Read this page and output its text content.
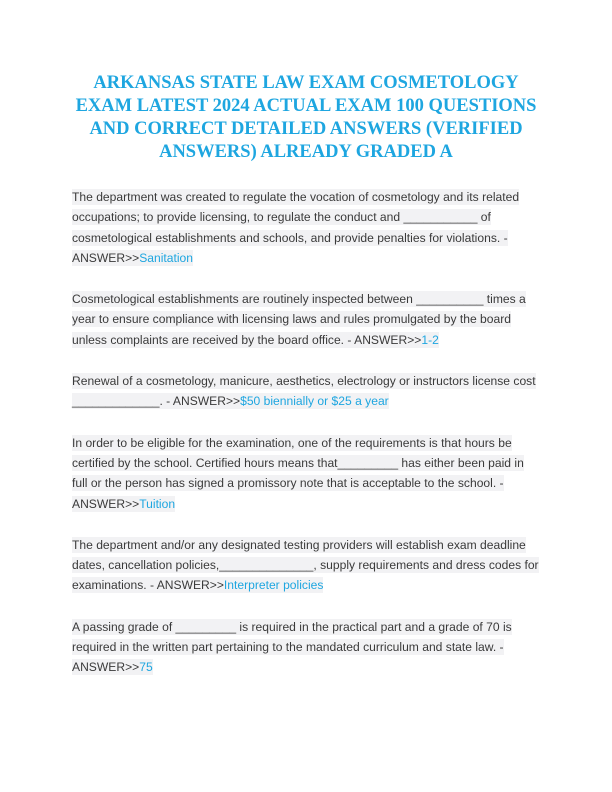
ARKANSAS STATE LAW EXAM COSMETOLOGY EXAM LATEST 2024 ACTUAL EXAM 100 QUESTIONS AND CORRECT DETAILED ANSWERS (VERIFIED ANSWERS) ALREADY GRADED A

The department was created to regulate the vocation of cosmetology and its related occupations; to provide licensing, to regulate the conduct and ___________ of cosmetological establishments and schools, and provide penalties for violations. - ANSWER>>Sanitation

Cosmetological establishments are routinely inspected between __________ times a year to ensure compliance with licensing laws and rules promulgated by the board unless complaints are received by the board office. - ANSWER>>1-2

Renewal of a cosmetology, manicure, aesthetics, electrology or instructors license cost _____________. - ANSWER>>$50 biennially or $25 a year

In order to be eligible for the examination, one of the requirements is that hours be certified by the school. Certified hours means that_________ has either been paid in full or the person has signed a promissory note that is acceptable to the school. - ANSWER>>Tuition

The department and/or any designated testing providers will establish exam deadline dates, cancellation policies,______________, supply requirements and dress codes for examinations. - ANSWER>>Interpreter policies

A passing grade of _________ is required in the practical part and a grade of 70 is required in the written part pertaining to the mandated curriculum and state law. - ANSWER>>75
